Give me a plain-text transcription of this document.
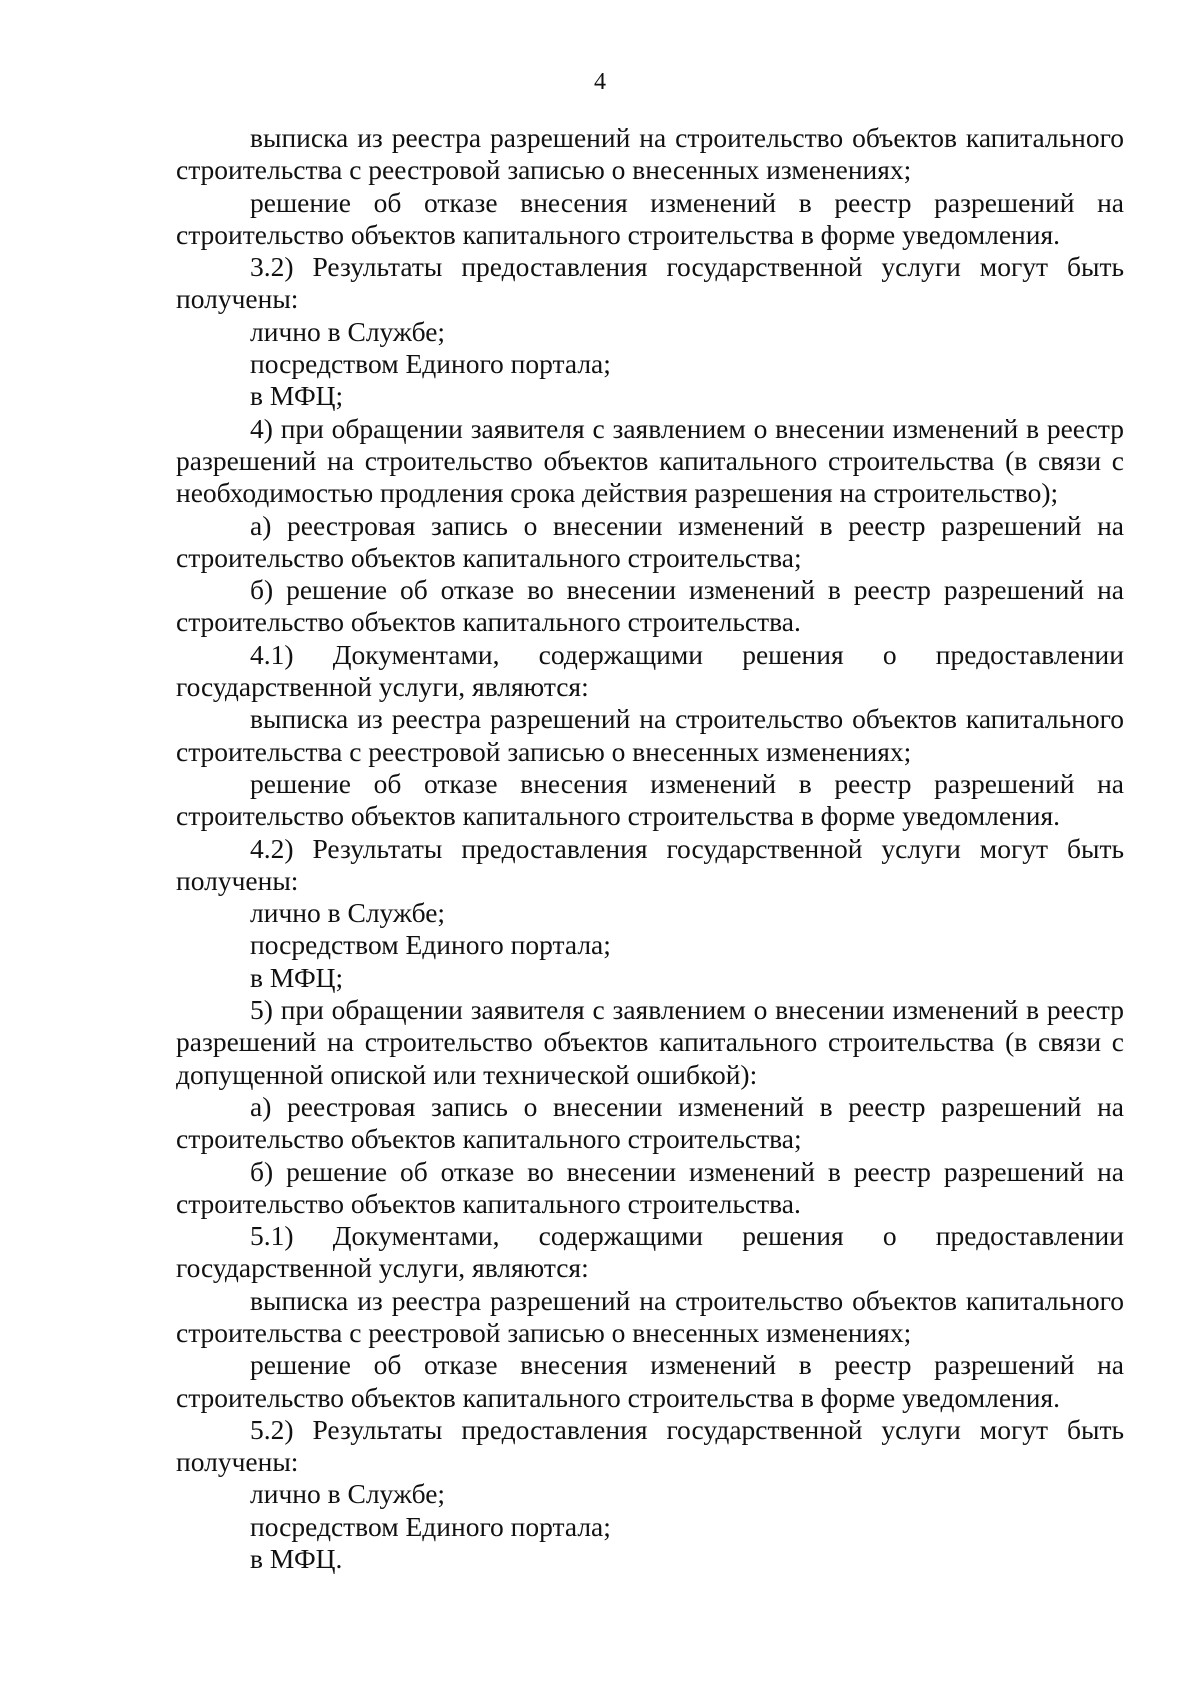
4

выписка из реестра разрешений на строительство объектов капитального строительства с реестровой записью о внесенных изменениях;

решение об отказе внесения изменений в реестр разрешений на строительство объектов капитального строительства в форме уведомления.

3.2) Результаты предоставления государственной услуги могут быть получены:

лично в Службе;

посредством Единого портала;

в МФЦ;

4) при обращении заявителя с заявлением о внесении изменений в реестр разрешений на строительство объектов капитального строительства (в связи с необходимостью продления срока действия разрешения на строительство);

а) реестровая запись о внесении изменений в реестр разрешений на строительство объектов капитального строительства;

б) решение об отказе во внесении изменений в реестр разрешений на строительство объектов капитального строительства.

4.1) Документами, содержащими решения о предоставлении государственной услуги, являются:

выписка из реестра разрешений на строительство объектов капитального строительства с реестровой записью о внесенных изменениях;

решение об отказе внесения изменений в реестр разрешений на строительство объектов капитального строительства в форме уведомления.

4.2) Результаты предоставления государственной услуги могут быть получены:

лично в Службе;

посредством Единого портала;

в МФЦ;

5) при обращении заявителя с заявлением о внесении изменений в реестр разрешений на строительство объектов капитального строительства (в связи с допущенной опиской или технической ошибкой):

а) реестровая запись о внесении изменений в реестр разрешений на строительство объектов капитального строительства;

б) решение об отказе во внесении изменений в реестр разрешений на строительство объектов капитального строительства.

5.1) Документами, содержащими решения о предоставлении государственной услуги, являются:

выписка из реестра разрешений на строительство объектов капитального строительства с реестровой записью о внесенных изменениях;

решение об отказе внесения изменений в реестр разрешений на строительство объектов капитального строительства в форме уведомления.

5.2) Результаты предоставления государственной услуги могут быть получены:

лично в Службе;

посредством Единого портала;

в МФЦ.
